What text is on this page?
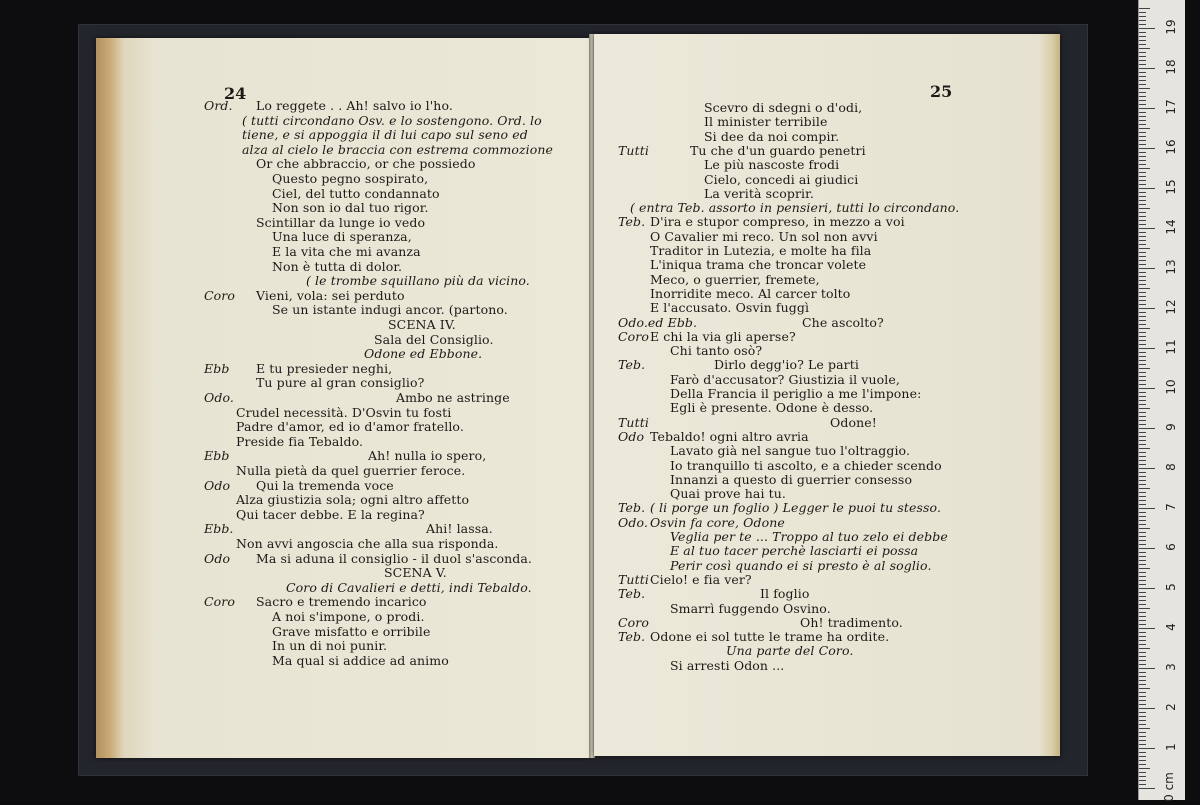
24
Ord. Lo reggete . . Ah! salvo io l'ho.
( tutti circondano Osv. e lo sostengono. Ord. lo
tiene, e si appoggia il di lui capo sul seno ed
alza al cielo le braccia con estrema commozione
Or che abbraccio, or che possiedo
Questo pegno sospirato,
Ciel, del tutto condannato
Non son io dal tuo rigor.
Scintillar da lunge io vedo
Una luce di speranza,
E la vita che mi avanza
Non è tutta di dolor.
( le trombe squillano più da vicino.
Coro Vieni, vola: sei perduto
Se un istante indugi ancor. (partono.
SCENA IV.
Sala del Consiglio.
Odone ed Ebbone.
Ebb E tu presieder neghi,
Tu pure al gran consiglio?
Odo.	Ambo ne astringe
Crudel necessità. D'Osvin tu fosti
Padre d'amor, ed io d'amor fratello.
Preside fia Tebaldo.
Ebb	Ah! nulla io spero,
Nulla pietà da quel guerrier feroce.
Odo Qui la tremenda voce
Alza giustizia sola; ogni altro affetto
Qui tacer debbe. E la regina?
Ebb.	Ahi! lassa.
Non avvi angoscia che alla sua risponda.
Odo Ma si aduna il consiglio - il duol s'asconda.
SCENA V.
Coro di Cavalieri e detti, indi Tebaldo.
Coro Sacro e tremendo incarico
A noi s'impone, o prodi.
Grave misfatto e orribile
In un di noi punir.
Ma qual si addice ad animo
25
Scevro di sdegni o d'odi,
Il minister terribile
Si dee da noi compir.
Tutti	Tu che d'un guardo penetri
Le più nascoste frodi
Cielo, concedi ai giudici
La verità scoprir.
( entra Teb. assorto in pensieri, tutti lo circondano.
Teb. D'ira e stupor compreso, in mezzo a voi
O Cavalier mi reco. Un sol non avvi
Traditor in Lutezia, e molte ha fila
L'iniqua trama che troncar volete
Meco, o guerrier, fremete,
Inorridite meco. Al carcer tolto
E l'accusato. Osvin fuggì
Odo.ed Ebb.	Che ascolto?
CoroE chi la via gli aperse?
Chi tanto osò?
Teb.	Dirlo degg'io? Le parti
Farò d'accusator? Giustizia il vuole,
Della Francia il periglio a me l'impone:
Egli è presente. Odone è desso.
Tutti	Odone!
Odo Tebaldo! ogni altro avria
Lavato già nel sangue tuo l'oltraggio.
Io tranquillo ti ascolto, e a chieder scendo
Innanzi a questo di guerrier consesso
Quai prove hai tu.
Teb. ( li porge un foglio ) Legger le puoi tu stesso.
Odo. Osvin fa core, Odone
Veglia per te ... Troppo al tuo zelo ei debbe
E al tuo tacer perchè lasciarti ei possa
Perir così quando ei si presto è al soglio.
TuttiCielo! e fia ver?
Teb.	Il foglio
Smarrì fuggendo Osvino.
Coro	Oh! tradimento.
Teb. Odone ei sol tutte le trame ha ordite.
Una parte del Coro.
Si arresti Odon ...
0 cm
1
2
3
4
5
6
7
8
9
10
11
12
13
14
15
16
17
18
19
